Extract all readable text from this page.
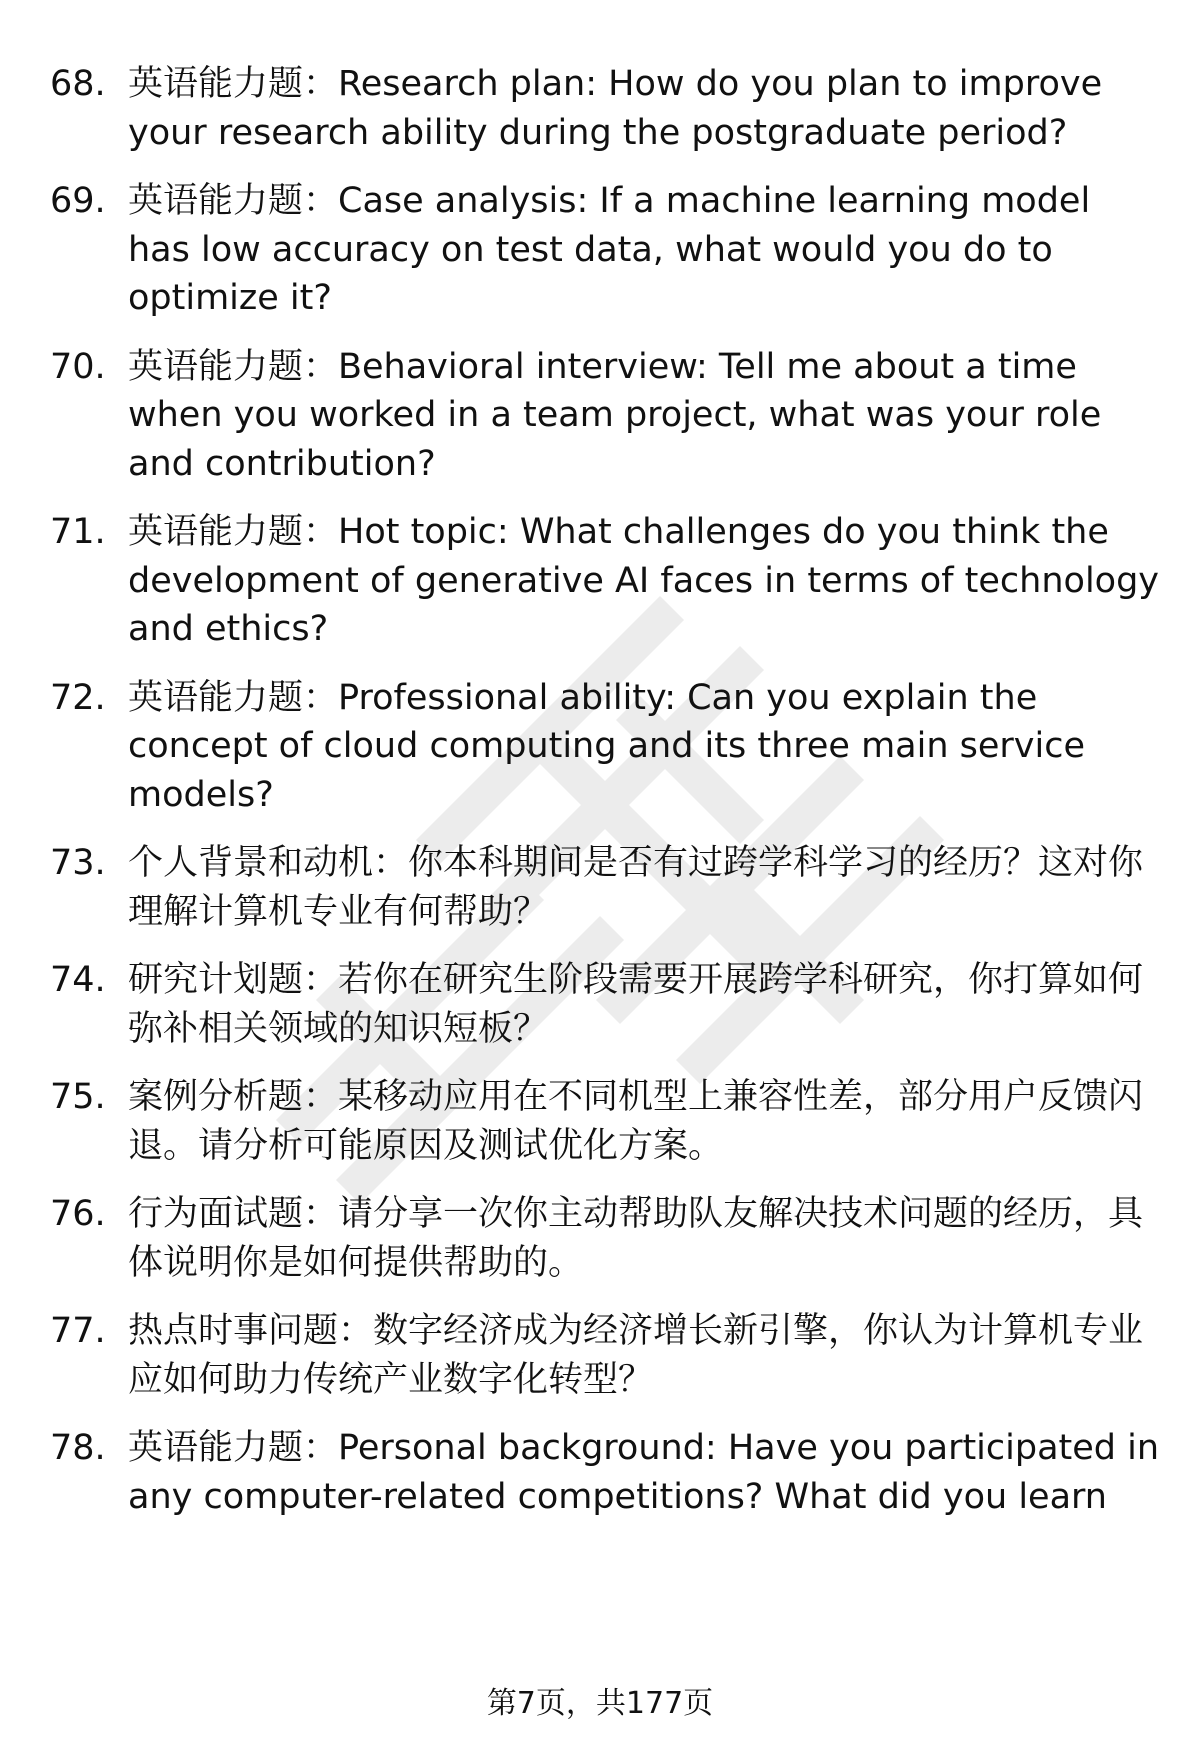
68. 英语能力题：Research plan: How do you plan to improve your research ability during the postgraduate period?
69. 英语能力题：Case analysis: If a machine learning model has low accuracy on test data, what would you do to optimize it?
70. 英语能力题：Behavioral interview: Tell me about a time when you worked in a team project, what was your role and contribution?
71. 英语能力题：Hot topic: What challenges do you think the development of generative AI faces in terms of technology and ethics?
72. 英语能力题：Professional ability: Can you explain the concept of cloud computing and its three main service models?
73. 个人背景和动机：你本科期间是否有过跨学科学习的经历？这对你理解计算机专业有何帮助？
74. 研究计划题：若你在研究生阶段需要开展跨学科研究，你打算如何弥补相关领域的知识短板？
75. 案例分析题：某移动应用在不同机型上兼容性差，部分用户反馈闪退。请分析可能原因及测试优化方案。
76. 行为面试题：请分享一次你主动帮助队友解决技术问题的经历，具体说明你是如何提供帮助的。
77. 热点时事问题：数字经济成为经济增长新引擎，你认为计算机专业应如何助力传统产业数字化转型？
78. 英语能力题：Personal background: Have you participated in any computer-related competitions? What did you learn
第7页，共177页
